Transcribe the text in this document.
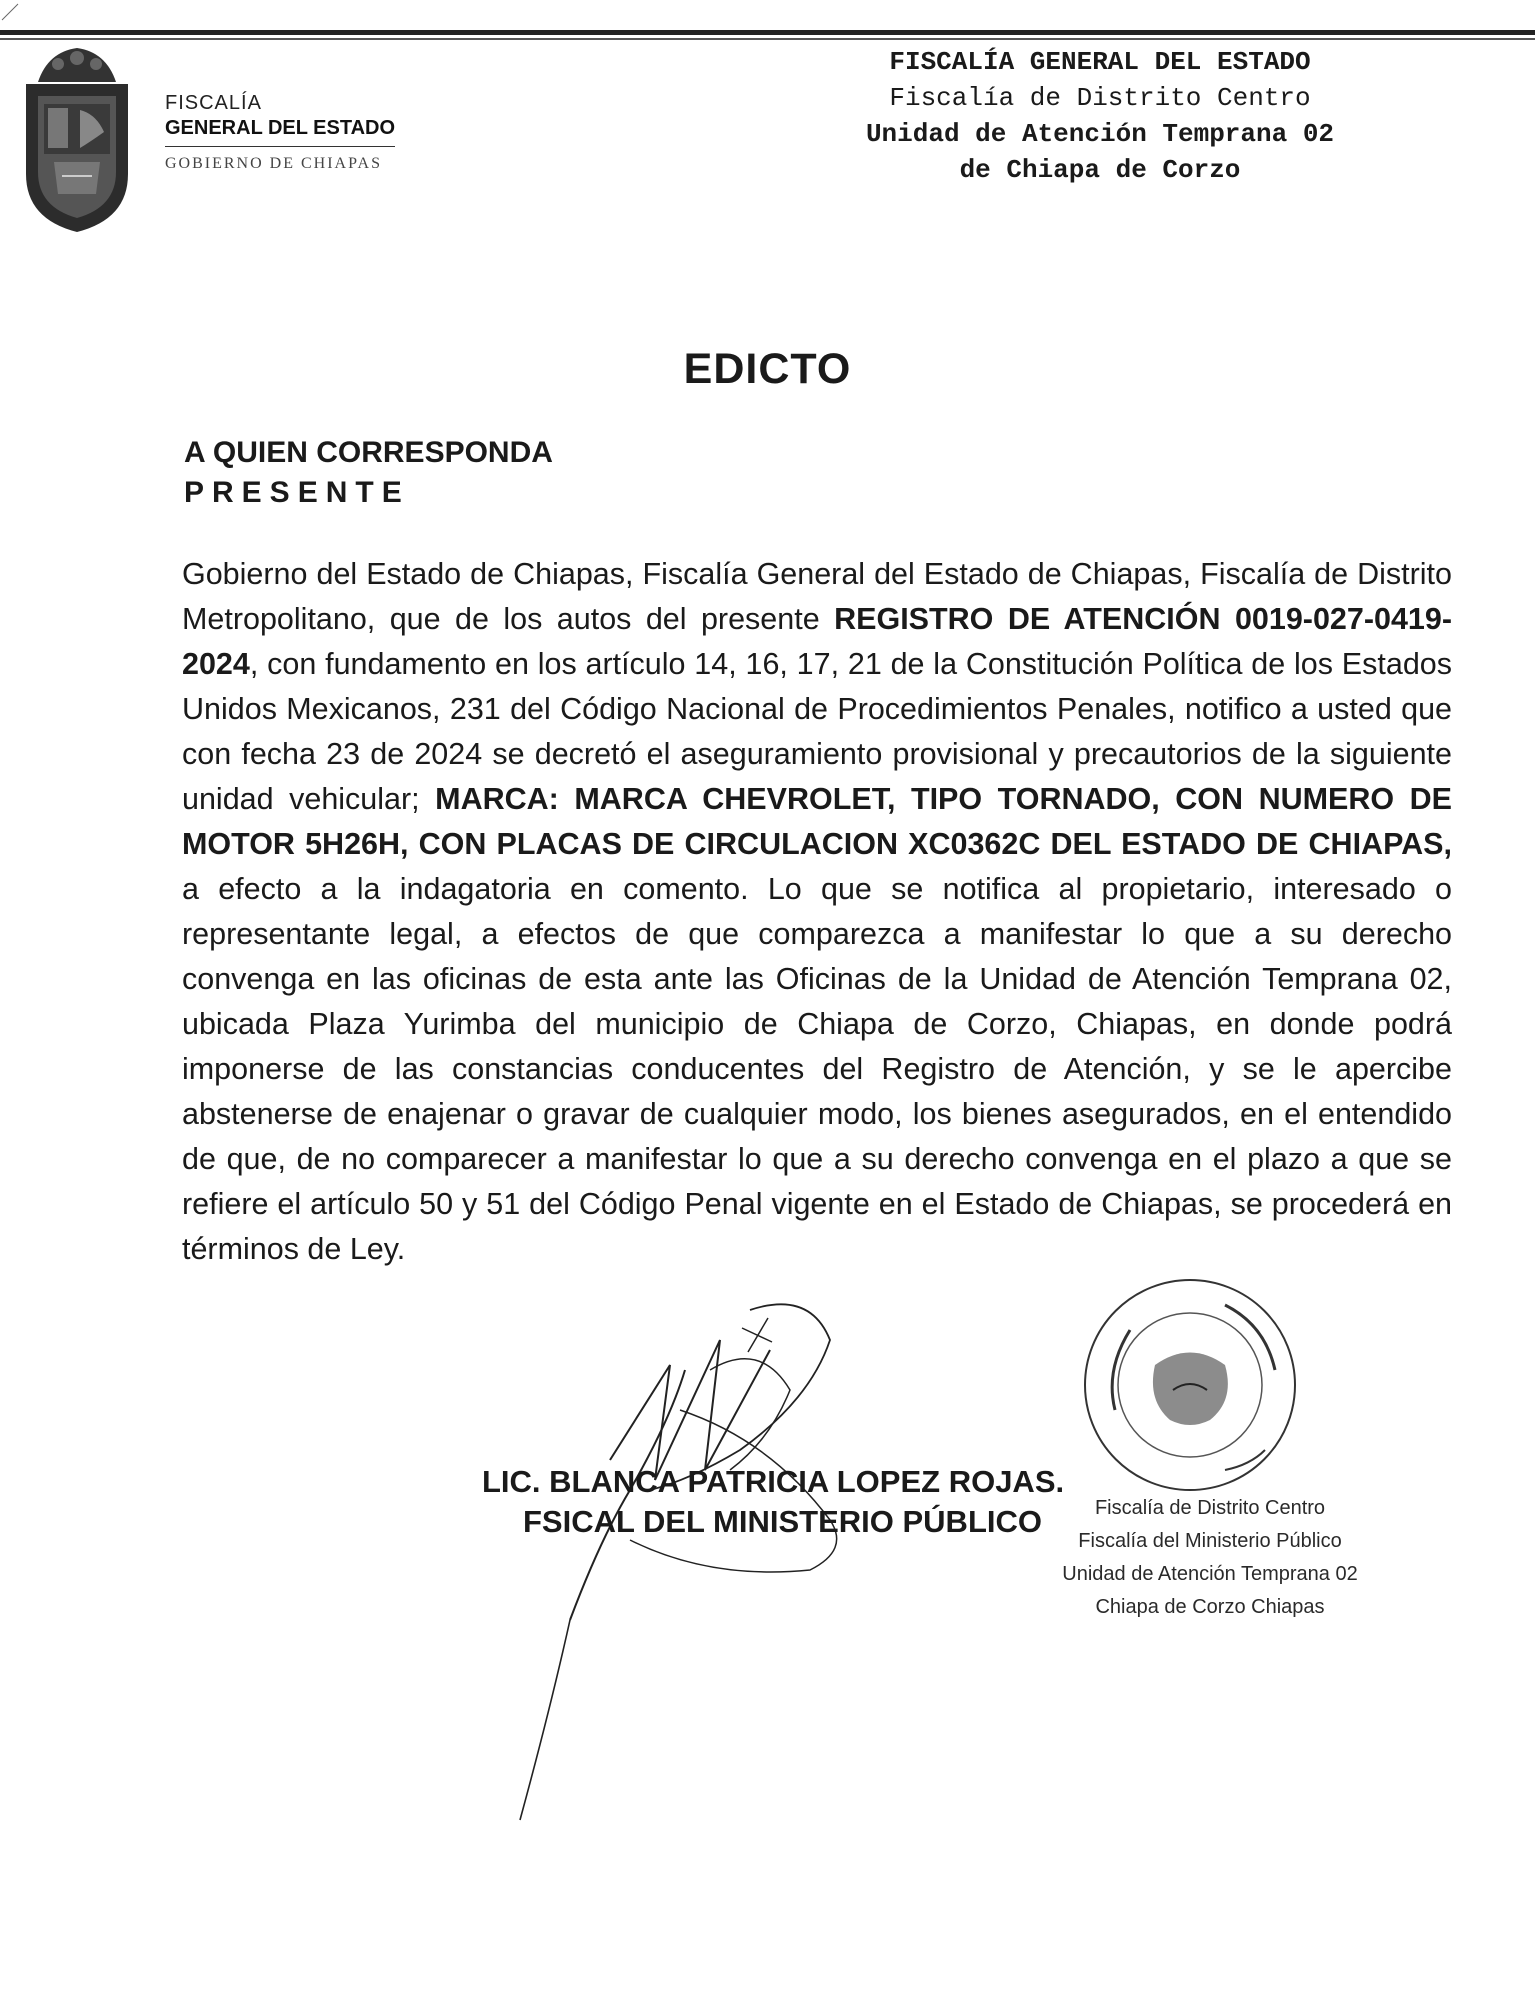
FISCALÍA
GENERAL DEL ESTADO
GOBIERNO DE CHIAPAS
FISCALÍA GENERAL DEL ESTADO
Fiscalía de Distrito Centro
Unidad de Atención Temprana 02
de Chiapa de Corzo
EDICTO
A QUIEN CORRESPONDA
PRESENTE
Gobierno del Estado de Chiapas, Fiscalía General del Estado de Chiapas, Fiscalía de Distrito Metropolitano, que de los autos del presente REGISTRO DE ATENCIÓN 0019-027-0419-2024, con fundamento en los artículo 14, 16, 17, 21 de la Constitución Política de los Estados Unidos Mexicanos, 231 del Código Nacional de Procedimientos Penales, notifico a usted que con fecha 23 de 2024 se decretó el aseguramiento provisional y precautorios de la siguiente unidad vehicular; MARCA: MARCA CHEVROLET, TIPO TORNADO, CON NUMERO DE MOTOR 5H26H, CON PLACAS DE CIRCULACION XC0362C DEL ESTADO DE CHIAPAS, a efecto a la indagatoria en comento. Lo que se notifica al propietario, interesado o representante legal, a efectos de que comparezca a manifestar lo que a su derecho convenga en las oficinas de esta ante las Oficinas de la Unidad de Atención Temprana 02, ubicada Plaza Yurimba del municipio de Chiapa de Corzo, Chiapas, en donde podrá imponerse de las constancias conducentes del Registro de Atención, y se le apercibe abstenerse de enajenar o gravar de cualquier modo, los bienes asegurados, en el entendido de que, de no comparecer a manifestar lo que a su derecho convenga en el plazo a que se refiere el artículo 50 y 51 del Código Penal vigente en el Estado de Chiapas, se procederá en términos de Ley.
LIC. BLANCA PATRICIA LOPEZ ROJAS.
FSICAL DEL MINISTERIO PÚBLICO	Fiscalía de Distrito Centro
Fiscalía del Ministerio Público
Unidad de Atención Temprana 02
Chiapa de Corzo Chiapas
